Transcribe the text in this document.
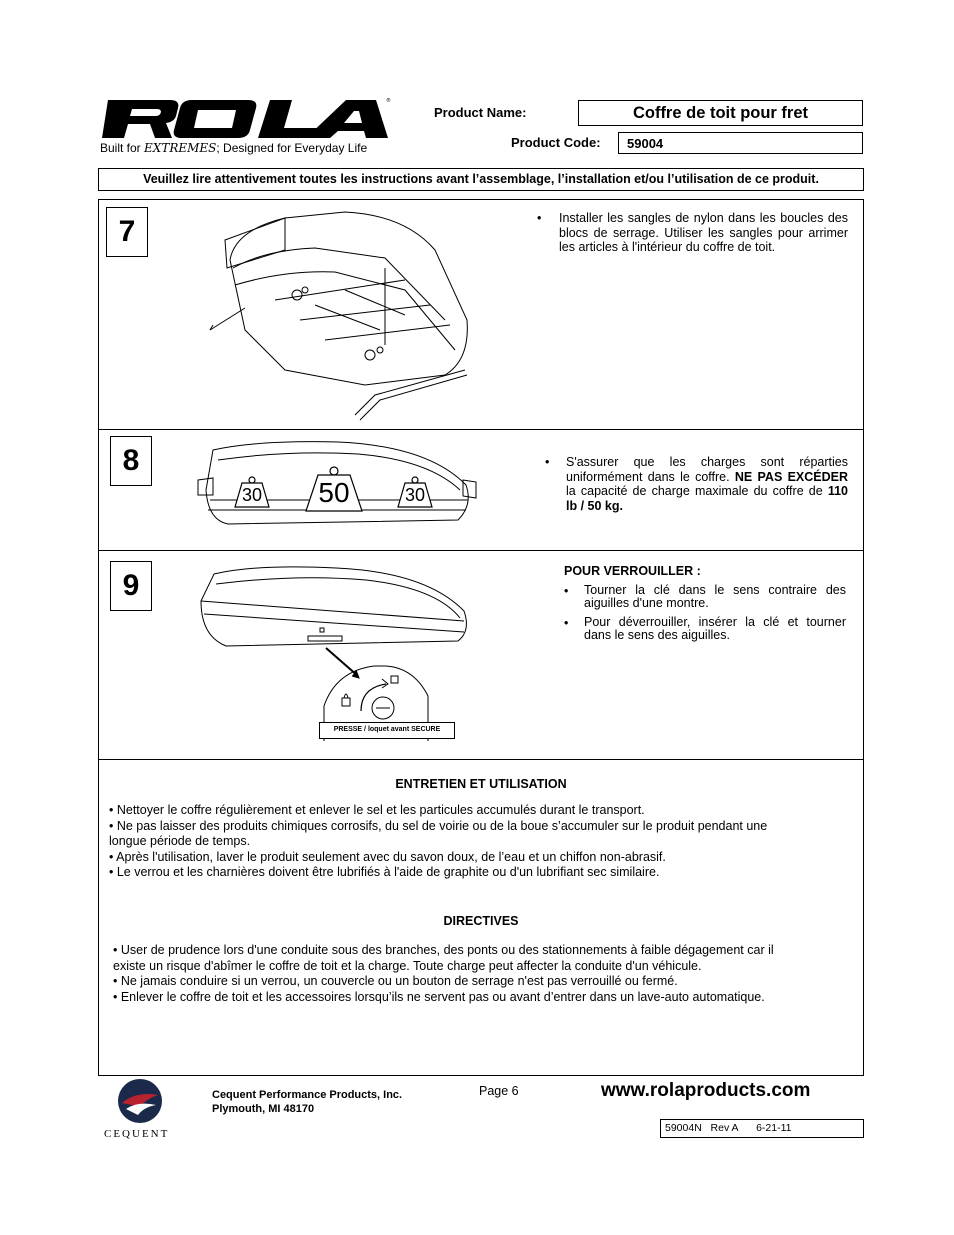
®
Built for EXTREMES; Designed for Everyday Life
Product Name:	Coffre de toit pour fret
Product Code:	59004
Veuillez lire attentivement toutes les instructions avant l’assemblage, l’installation et/ou l’utilisation de ce produit.
7	• Installer les sangles de nylon dans les boucles des blocs de serrage. Utiliser les sangles pour arrimer les articles à l'intérieur du coffre de toit.
8
30	50	30
• S'assurer que les charges sont réparties uniformément dans le coffre. NE PAS EXCÉDER la capacité de charge maximale du coffre de 110 lb / 50 kg.
9
PRESSE / loquet avant SECURE
POUR VERROUILLER :
• Tourner la clé dans le sens contraire des aiguilles d'une montre.
• Pour déverrouiller, insérer la clé et tourner dans le sens des aiguilles.
ENTRETIEN ET UTILISATION
• Nettoyer le coffre régulièrement et enlever le sel et les particules accumulés durant le transport.
• Ne pas laisser des produits chimiques corrosifs, du sel de voirie ou de la boue s’accumuler sur le produit pendant une
longue période de temps.
• Après l'utilisation, laver le produit seulement avec du savon doux, de l’eau et un chiffon non-abrasif.
• Le verrou et les charnières doivent être lubrifiés à l'aide de graphite ou d'un lubrifiant sec similaire.
DIRECTIVES
• User de prudence lors d'une conduite sous des branches, des ponts ou des stationnements à faible dégagement car il
existe un risque d'abîmer le coffre de toit et la charge. Toute charge peut affecter la conduite d'un véhicule.
• Ne jamais conduire si un verrou, un couvercle ou un bouton de serrage n'est pas verrouillé ou fermé.
• Enlever le coffre de toit et les accessoires lorsqu’ils ne servent pas ou avant d’entrer dans un lave-auto automatique.
CEQUENT
Cequent Performance Products, Inc.
Plymouth, MI 48170
Page 6	www.rolaproducts.com
59004N Rev A 6-21-11
